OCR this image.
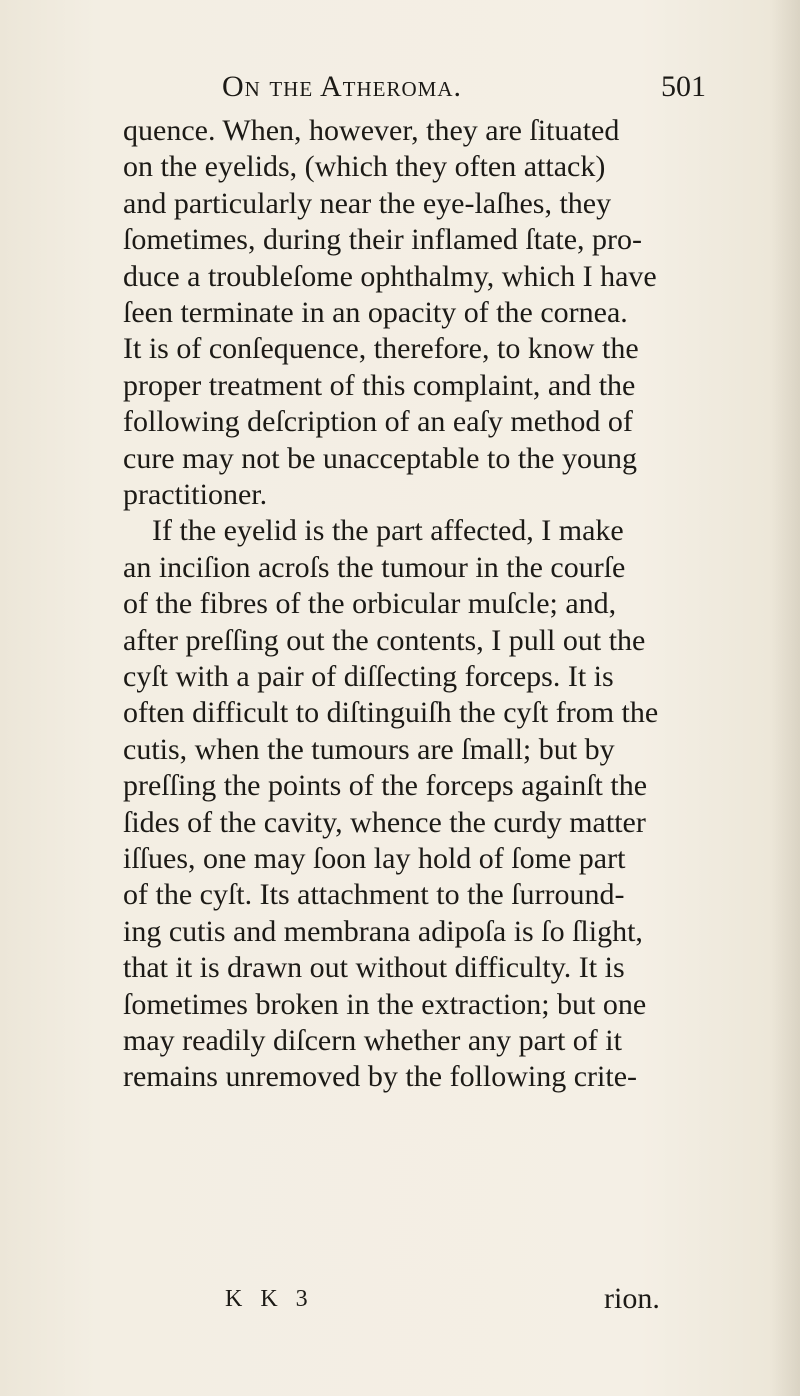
On the Atheroma.	501
quence. When, however, they are ſituated
on the eyelids, (which they often attack)
and particularly near the eye-laſhes, they
ſometimes, during their inflamed ſtate, pro-
duce a troubleſome ophthalmy, which I have
ſeen terminate in an opacity of the cornea.
It is of conſequence, therefore, to know the
proper treatment of this complaint, and the
following deſcription of an eaſy method of
cure may not be unacceptable to the young
practitioner.
If the eyelid is the part affected, I make
an inciſion acroſs the tumour in the courſe
of the fibres of the orbicular muſcle; and,
after preſſing out the contents, I pull out the
cyſt with a pair of diſſecting forceps. It is
often difficult to diſtinguiſh the cyſt from the
cutis, when the tumours are ſmall; but by
preſſing the points of the forceps againſt the
ſides of the cavity, whence the curdy matter
iſſues, one may ſoon lay hold of ſome part
of the cyſt. Its attachment to the ſurround-
ing cutis and membrana adipoſa is ſo ſlight,
that it is drawn out without difficulty. It is
ſometimes broken in the extraction; but one
may readily diſcern whether any part of it
remains unremoved by the following crite-
K K 3	rion.
